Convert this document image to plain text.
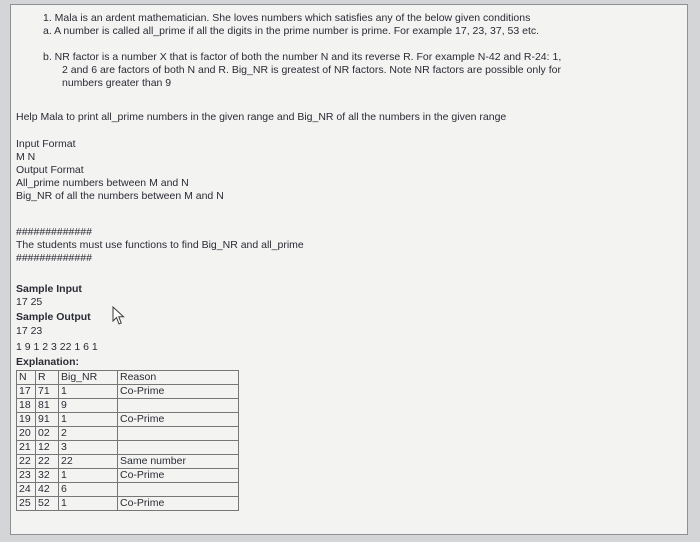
1. Mala is an ardent mathematician. She loves numbers which satisfies any of the below given conditions
a. A number is called all_prime if all the digits in the prime number is prime. For example 17, 23, 37, 53 etc.
b. NR factor is a number X that is factor of both the number N and its reverse R. For example N-42 and R-24: 1,
2 and 6 are factors of both N and R. Big_NR is greatest of NR factors. Note NR factors are possible only for
numbers greater than 9
Help Mala to print all_prime numbers in the given range and Big_NR of all the numbers in the given range
Input Format
M N
Output Format
All_prime numbers between M and N
Big_NR of all the numbers between M and N
#############
The students must use functions to find Big_NR and all_prime
#############
Sample Input
17 25
Sample Output
17 23
1 9 1 2 3 22 1 6 1
Explanation:
N	R	Big_NR	Reason
17	71	1	Co-Prime
18	81	9	
19	91	1	Co-Prime
20	02	2	
21	12	3	
22	22	22	Same number
23	32	1	Co-Prime
24	42	6	
25	52	1	Co-Prime
